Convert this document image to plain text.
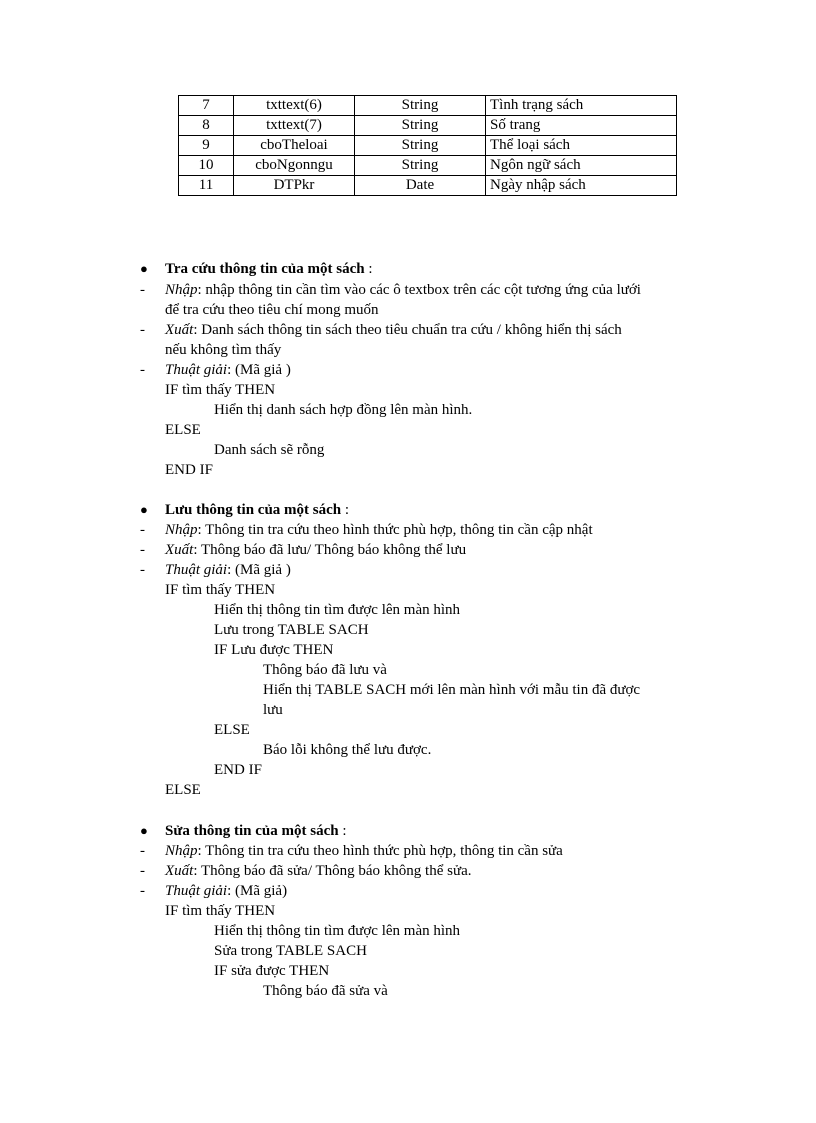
7	txttext(6)	String	Tình trạng sách
8	txttext(7)	String	Số trang
9	cboTheloai	String	Thể loại sách
10	cboNgonngu	String	Ngôn ngữ sách
11	DTPkr	Date	Ngày nhập sách
● Tra cứu thông tin của một sách :
- Nhập: nhập thông tin cần tìm vào các ô textbox trên các cột tương ứng của lưới
để tra cứu theo tiêu chí mong muốn
- Xuất: Danh sách thông tin sách theo tiêu chuẩn tra cứu / không hiển thị sách
nếu không tìm thấy
- Thuật giải: (Mã giả )
IF tìm thấy THEN
Hiển thị danh sách hợp đồng lên màn hình.
ELSE
Danh sách sẽ rỗng
END IF
● Lưu thông tin của một sách :
- Nhập: Thông tin tra cứu theo hình thức phù hợp, thông tin cần cập nhật
- Xuất: Thông báo đã lưu/ Thông báo không thể lưu
- Thuật giải: (Mã giả )
IF tìm thấy THEN
Hiển thị thông tin tìm được lên màn hình
Lưu trong TABLE SACH
IF Lưu được THEN
Thông báo đã lưu và
Hiển thị TABLE SACH mới lên màn hình với mẫu tin đã được
lưu
ELSE
Báo lỗi không thể lưu được.
END IF
ELSE
● Sửa thông tin của một sách :
- Nhập: Thông tin tra cứu theo hình thức phù hợp, thông tin cần sửa
- Xuất: Thông báo đã sửa/ Thông báo không thể sửa.
- Thuật giải: (Mã giả)
IF tìm thấy THEN
Hiển thị thông tin tìm được lên màn hình
Sửa trong TABLE SACH
IF sửa được THEN
Thông báo đã sửa và
